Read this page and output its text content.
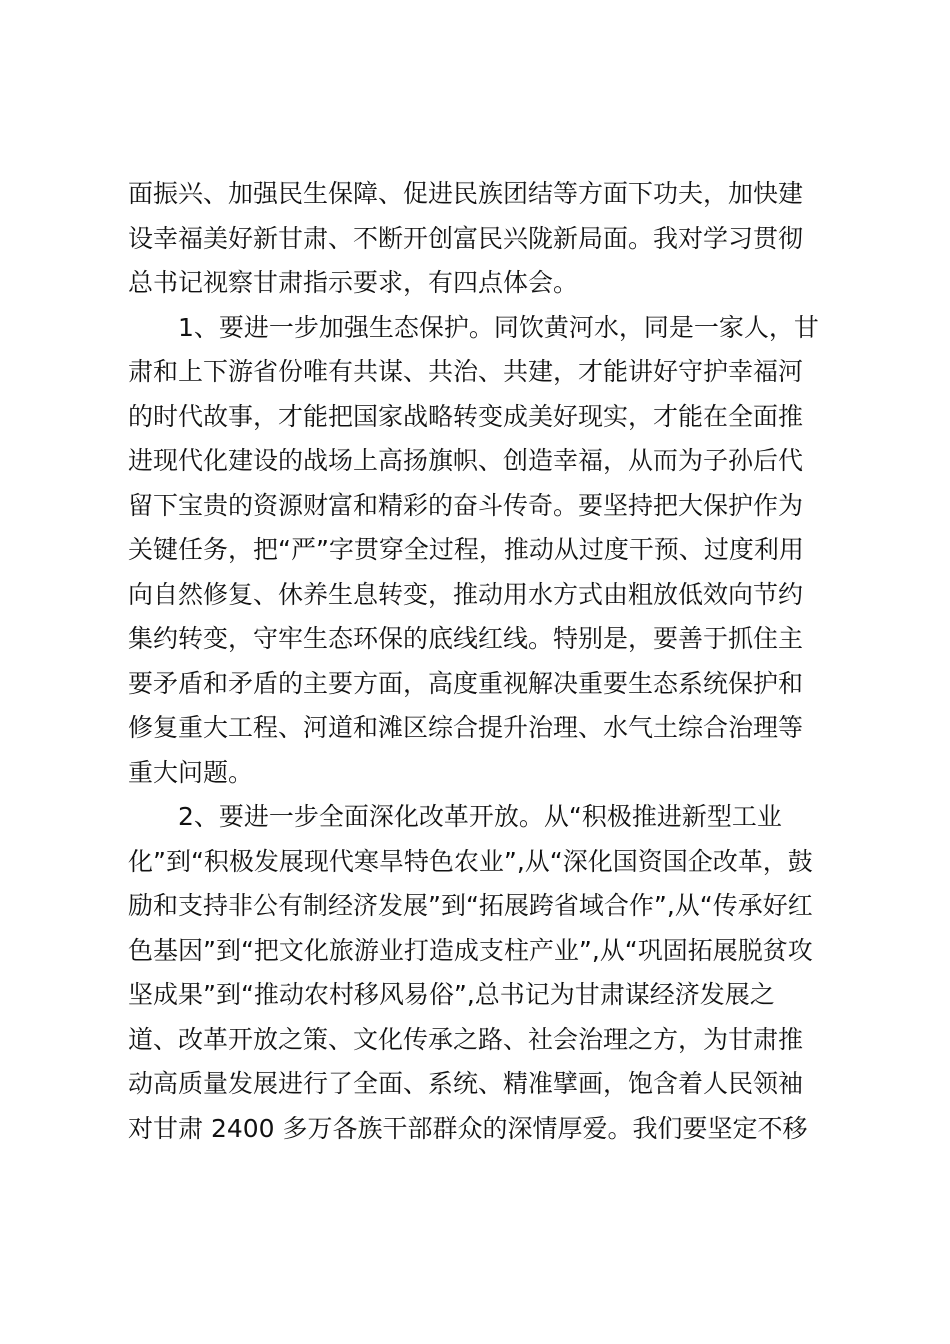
面振兴、加强民生保障、促进民族团结等方面下功夫，加快建
设幸福美好新甘肃、不断开创富民兴陇新局面。我对学习贯彻
总书记视察甘肃指示要求，有四点体会。
1、要进一步加强生态保护。同饮黄河水，同是一家人，甘
肃和上下游省份唯有共谋、共治、共建，才能讲好守护幸福河
的时代故事，才能把国家战略转变成美好现实，才能在全面推
进现代化建设的战场上高扬旗帜、创造幸福，从而为子孙后代
留下宝贵的资源财富和精彩的奋斗传奇。要坚持把大保护作为
关键任务，把“严”字贯穿全过程，推动从过度干预、过度利用
向自然修复、休养生息转变，推动用水方式由粗放低效向节约
集约转变，守牢生态环保的底线红线。特别是，要善于抓住主
要矛盾和矛盾的主要方面，高度重视解决重要生态系统保护和
修复重大工程、河道和滩区综合提升治理、水气土综合治理等
重大问题。
2、要进一步全面深化改革开放。从“积极推进新型工业
化”到“积极发展现代寒旱特色农业”,从“深化国资国企改革，鼓
励和支持非公有制经济发展”到“拓展跨省域合作”,从“传承好红
色基因”到“把文化旅游业打造成支柱产业”,从“巩固拓展脱贫攻
坚成果”到“推动农村移风易俗”,总书记为甘肃谋经济发展之
道、改革开放之策、文化传承之路、社会治理之方，为甘肃推
动高质量发展进行了全面、系统、精准擘画，饱含着人民领袖
对甘肃 2400 多万各族干部群众的深情厚爱。我们要坚定不移
